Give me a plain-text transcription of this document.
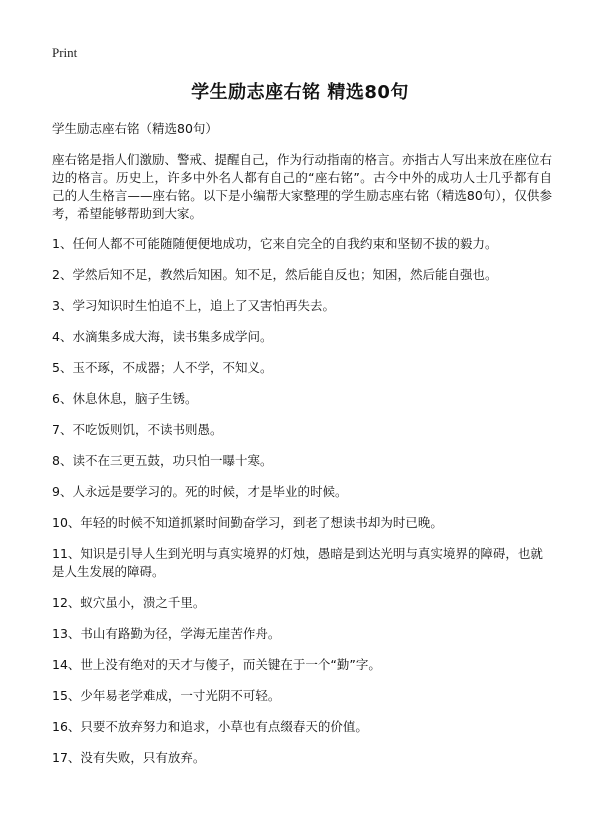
Print
学生励志座右铭 精选80句

学生励志座右铭（精选80句）

座右铭是指人们激励、警戒、提醒自己，作为行动指南的格言。亦指古人写出来放在座位右边的格言。历史上，许多中外名人都有自己的“座右铭”。古今中外的成功人士几乎都有自己的人生格言——座右铭。以下是小编帮大家整理的学生励志座右铭（精选80句），仅供参考，希望能够帮助到大家。

1、任何人都不可能随随便便地成功，它来自完全的自我约束和坚韧不拔的毅力。
2、学然后知不足，教然后知困。知不足，然后能自反也；知困，然后能自强也。
3、学习知识时生怕追不上，追上了又害怕再失去。
4、水滴集多成大海，读书集多成学问。
5、玉不琢，不成器；人不学，不知义。
6、休息休息，脑子生锈。
7、不吃饭则饥，不读书则愚。
8、读不在三更五鼓，功只怕一曝十寒。
9、人永远是要学习的。死的时候，才是毕业的时候。
10、年轻的时候不知道抓紧时间勤奋学习，到老了想读书却为时已晚。
11、知识是引导人生到光明与真实境界的灯烛，愚暗是到达光明与真实境界的障碍，也就是人生发展的障碍。
12、蚁穴虽小，溃之千里。
13、书山有路勤为径，学海无崖苦作舟。
14、世上没有绝对的天才与傻子，而关键在于一个“勤”字。
15、少年易老学难成，一寸光阴不可轻。
16、只要不放弃努力和追求，小草也有点缀春天的价值。
17、没有失败，只有放弃。
